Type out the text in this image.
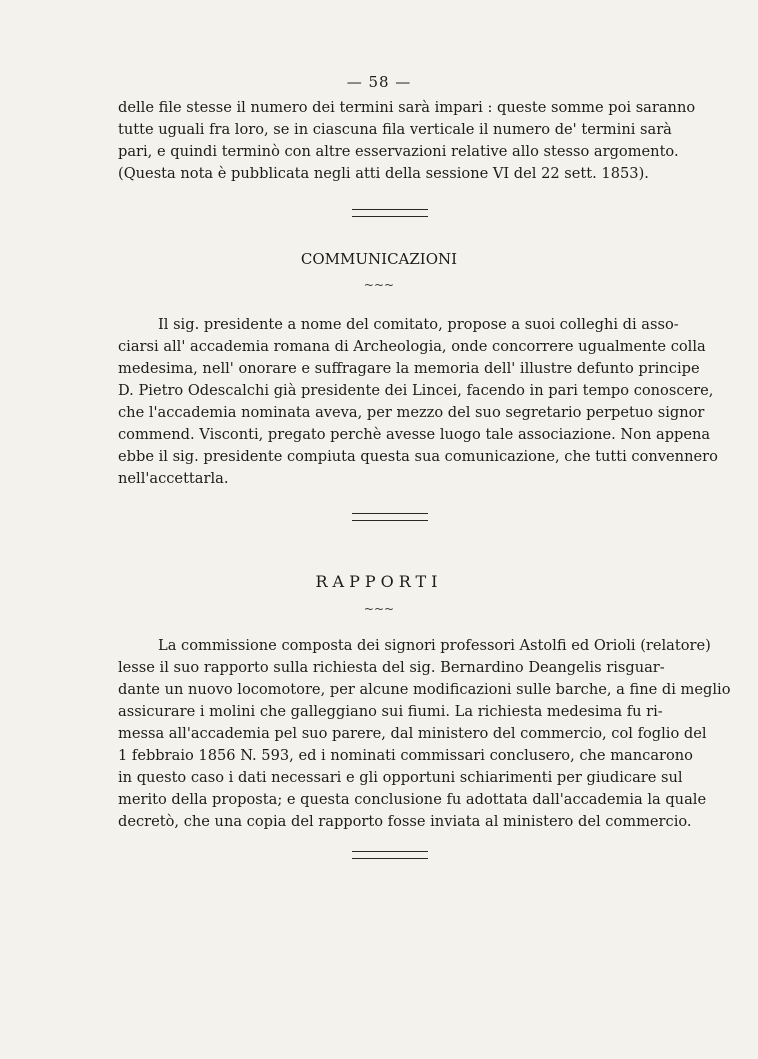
— 58 —
delle file stesse il numero dei termini sarà impari : queste somme poi saranno
tutte uguali fra loro, se in ciascuna fila verticale il numero de' termini sarà
pari, e quindi terminò con altre esservazioni relative allo stesso argomento.
(Questa nota è pubblicata negli atti della sessione VI del 22 sett. 1853).
COMMUNICAZIONI
~~~
Il sig. presidente a nome del comitato, propose a suoi colleghi di asso-
ciarsi all' accademia romana di Archeologia, onde concorrere ugualmente colla
medesima, nell' onorare e suffragare la memoria dell' illustre defunto principe
D. Pietro Odescalchi già presidente dei Lincei, facendo in pari tempo conoscere,
che l'accademia nominata aveva, per mezzo del suo segretario perpetuo signor
commend. Visconti, pregato perchè avesse luogo tale associazione. Non appena
ebbe il sig. presidente compiuta questa sua comunicazione, che tutti convennero
nell'accettarla.
RAPPORTI
~~~
La commissione composta dei signori professori Astolfi ed Orioli (relatore)
lesse il suo rapporto sulla richiesta del sig. Bernardino Deangelis risguar-
dante un nuovo locomotore, per alcune modificazioni sulle barche, a fine di meglio
assicurare i molini che galleggiano sui fiumi. La richiesta medesima fu ri-
messa all'accademia pel suo parere, dal ministero del commercio, col foglio del
1 febbraio 1856 N. 593, ed i nominati commissari conclusero, che mancarono
in questo caso i dati necessari e gli opportuni schiarimenti per giudicare sul
merito della proposta; e questa conclusione fu adottata dall'accademia la quale
decretò, che una copia del rapporto fosse inviata al ministero del commercio.
